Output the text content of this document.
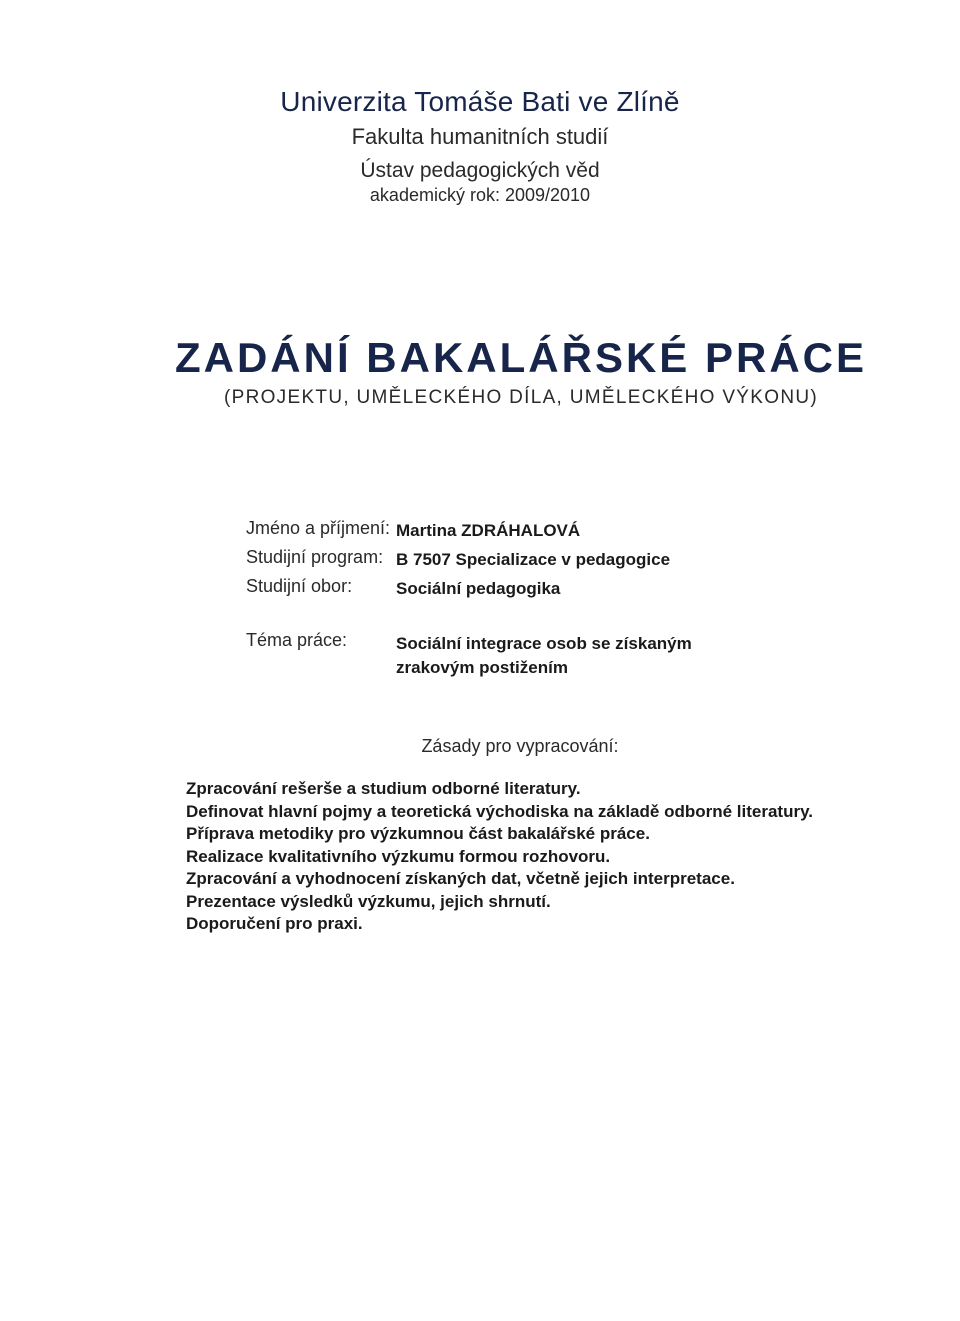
Univerzita Tomáše Bati ve Zlíně
Fakulta humanitních studií
Ústav pedagogických věd
akademický rok: 2009/2010
ZADÁNÍ BAKALÁŘSKÉ PRÁCE
(PROJEKTU, UMĚLECKÉHO DÍLA, UMĚLECKÉHO VÝKONU)
Jméno a příjmení: Martina ZDRÁHALOVÁ
Studijní program: B 7507 Specializace v pedagogice
Studijní obor:	Sociální pedagogika
Téma práce:	Sociální integrace osob se získaným zrakovým postižením
Zásady pro vypracování:
Zpracování rešerše a studium odborné literatury.
Definovat hlavní pojmy a teoretická východiska na základě odborné literatury.
Příprava metodiky pro výzkumnou část bakalářské práce.
Realizace kvalitativního výzkumu formou rozhovoru.
Zpracování a vyhodnocení získaných dat, včetně jejich interpretace.
Prezentace výsledků výzkumu, jejich shrnutí.
Doporučení pro praxi.
